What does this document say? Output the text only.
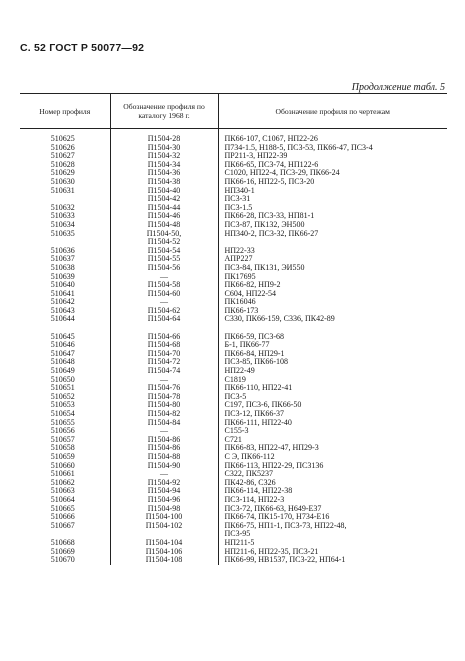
С. 52 ГОСТ Р 50077—92
Продолжение табл. 5
Номер профиля	Обозначение профиля по каталогу 1968 г.	Обозначение профиля по чертежам
510625	П1504-28	ПК66-107, С1067, НП22-26
510626	П1504-30	П734-1.5, Н188-5, ПС3-53, ПК66-47, ПС3-4
510627	П1504-32	ПР211-3, НП22-39
510628	П1504-34	ПК66-65, ПС3-74, НП122-6
510629	П1504-36	С1020, НП22-4, ПС3-29, ПК66-24
510630	П1504-38	ПК66-16, НП22-5, ПС3-20
510631	П1504-40	НП340-1
	П1504-42	ПС3-31
510632	П1504-44	ПС3-1.5
510633	П1504-46	ПК66-28, ПС3-33, НП81-1
510634	П1504-48	ПС3-87, ПК132, ЭН500
510635	П1504-50,	НП340-2, ПС3-32, ПК66-27
	П1504-52	
510636	П1504-54	НП22-33
510637	П1504-55	АПР227
510638	П1504-56	ПС3-84, ПК131, ЭИ550
510639	—	ПК17695
510640	П1504-58	ПК66-82, НП9-2
510641	П1504-60	С604, НП22-54
510642	—	ПК16046
510643	П1504-62	ПК66-173
510644	П1504-64	С330, ПК66-159, С336, ПК42-89

510645	П1504-66	ПК66-59, ПС3-68
510646	П1504-68	Б-1, ПК66-77
510647	П1504-70	ПК66-84, НП29-1
510648	П1504-72	ПС3-85, ПК66-108
510649	П1504-74	НП22-49
510650	—	С1819
510651	П1504-76	ПК66-110, НП22-41
510652	П1504-78	ПС3-5
510653	П1504-80	С197, ПС3-6, ПК66-50
510654	П1504-82	ПС3-12, ПК66-37
510655	П1504-84	ПК66-111, НП22-40
510656	—	С155-3
510657	П1504-86	С721
510658	П1504-86	ПК66-83, НП22-47, НП29-3
510659	П1504-88	С Э, ПК66-112
510660	П1504-90	ПК66-113, НП22-29, ПС3136
510661	—	С322, ПК5237
510662	П1504-92	ПК42-86, С326
510663	П1504-94	ПК66-114, НП22-38
510664	П1504-96	ПС3-114, НП22-3
510665	П1504-98	ПС3-72, ПК66-63, Н649-Е37
510666	П1504-100	ПК66-74, ПК15-170, Н734-Е16
510667	П1504-102	ПК66-75, НП1-1, ПС3-73, НП22-48,
		ПС3-95
510668	П1504-104	НП211-5
510669	П1504-106	НП211-6, НП22-35, ПС3-21
510670	П1504-108	ПК66-99, НВ1537, ПС3-22, НП64-1
